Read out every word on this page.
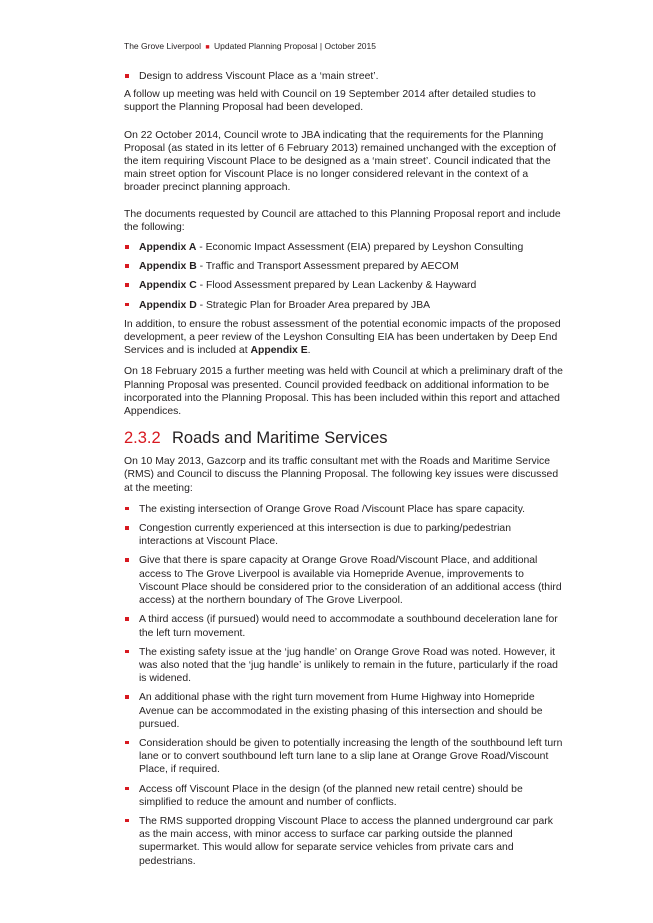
The Grove Liverpool ■ Updated Planning Proposal | October 2015
Design to address Viscount Place as a ‘main street’.

A follow up meeting was held with Council on 19 September 2014 after detailed studies to support the Planning Proposal had been developed.

On 22 October 2014, Council wrote to JBA indicating that the requirements for the Planning Proposal (as stated in its letter of 6 February 2013) remained unchanged with the exception of the item requiring Viscount Place to be designed as a ‘main street’. Council indicated that the main street option for Viscount Place is no longer considered relevant in the context of a broader precinct planning approach.

The documents requested by Council are attached to this Planning Proposal report and include the following:

Appendix A - Economic Impact Assessment (EIA) prepared by Leyshon Consulting
Appendix B - Traffic and Transport Assessment prepared by AECOM
Appendix C - Flood Assessment prepared by Lean Lackenby & Hayward
Appendix D - Strategic Plan for Broader Area prepared by JBA

In addition, to ensure the robust assessment of the potential economic impacts of the proposed development, a peer review of the Leyshon Consulting EIA has been undertaken by Deep End Services and is included at Appendix E.

On 18 February 2015 a further meeting was held with Council at which a preliminary draft of the Planning Proposal was presented. Council provided feedback on additional information to be incorporated into the Planning Proposal. This has been included within this report and attached Appendices.

2.3.2 Roads and Maritime Services

On 10 May 2013, Gazcorp and its traffic consultant met with the Roads and Maritime Service (RMS) and Council to discuss the Planning Proposal. The following key issues were discussed at the meeting:

The existing intersection of Orange Grove Road /Viscount Place has spare capacity.
Congestion currently experienced at this intersection is due to parking/pedestrian interactions at Viscount Place.
Give that there is spare capacity at Orange Grove Road/Viscount Place, and additional access to The Grove Liverpool is available via Homepride Avenue, improvements to Viscount Place should be considered prior to the consideration of an additional access (third access) at the northern boundary of The Grove Liverpool.
A third access (if pursued) would need to accommodate a southbound deceleration lane for the left turn movement.
The existing safety issue at the ‘jug handle’ on Orange Grove Road was noted. However, it was also noted that the ‘jug handle’ is unlikely to remain in the future, particularly if the road is widened.
An additional phase with the right turn movement from Hume Highway into Homepride Avenue can be accommodated in the existing phasing of this intersection and should be pursued.
Consideration should be given to potentially increasing the length of the southbound left turn lane or to convert southbound left turn lane to a slip lane at Orange Grove Road/Viscount Place, if required.
Access off Viscount Place in the design (of the planned new retail centre) should be simplified to reduce the amount and number of conflicts.
The RMS supported dropping Viscount Place to access the planned underground car park as the main access, with minor access to surface car parking outside the planned supermarket. This would allow for separate service vehicles from private cars and pedestrians.
